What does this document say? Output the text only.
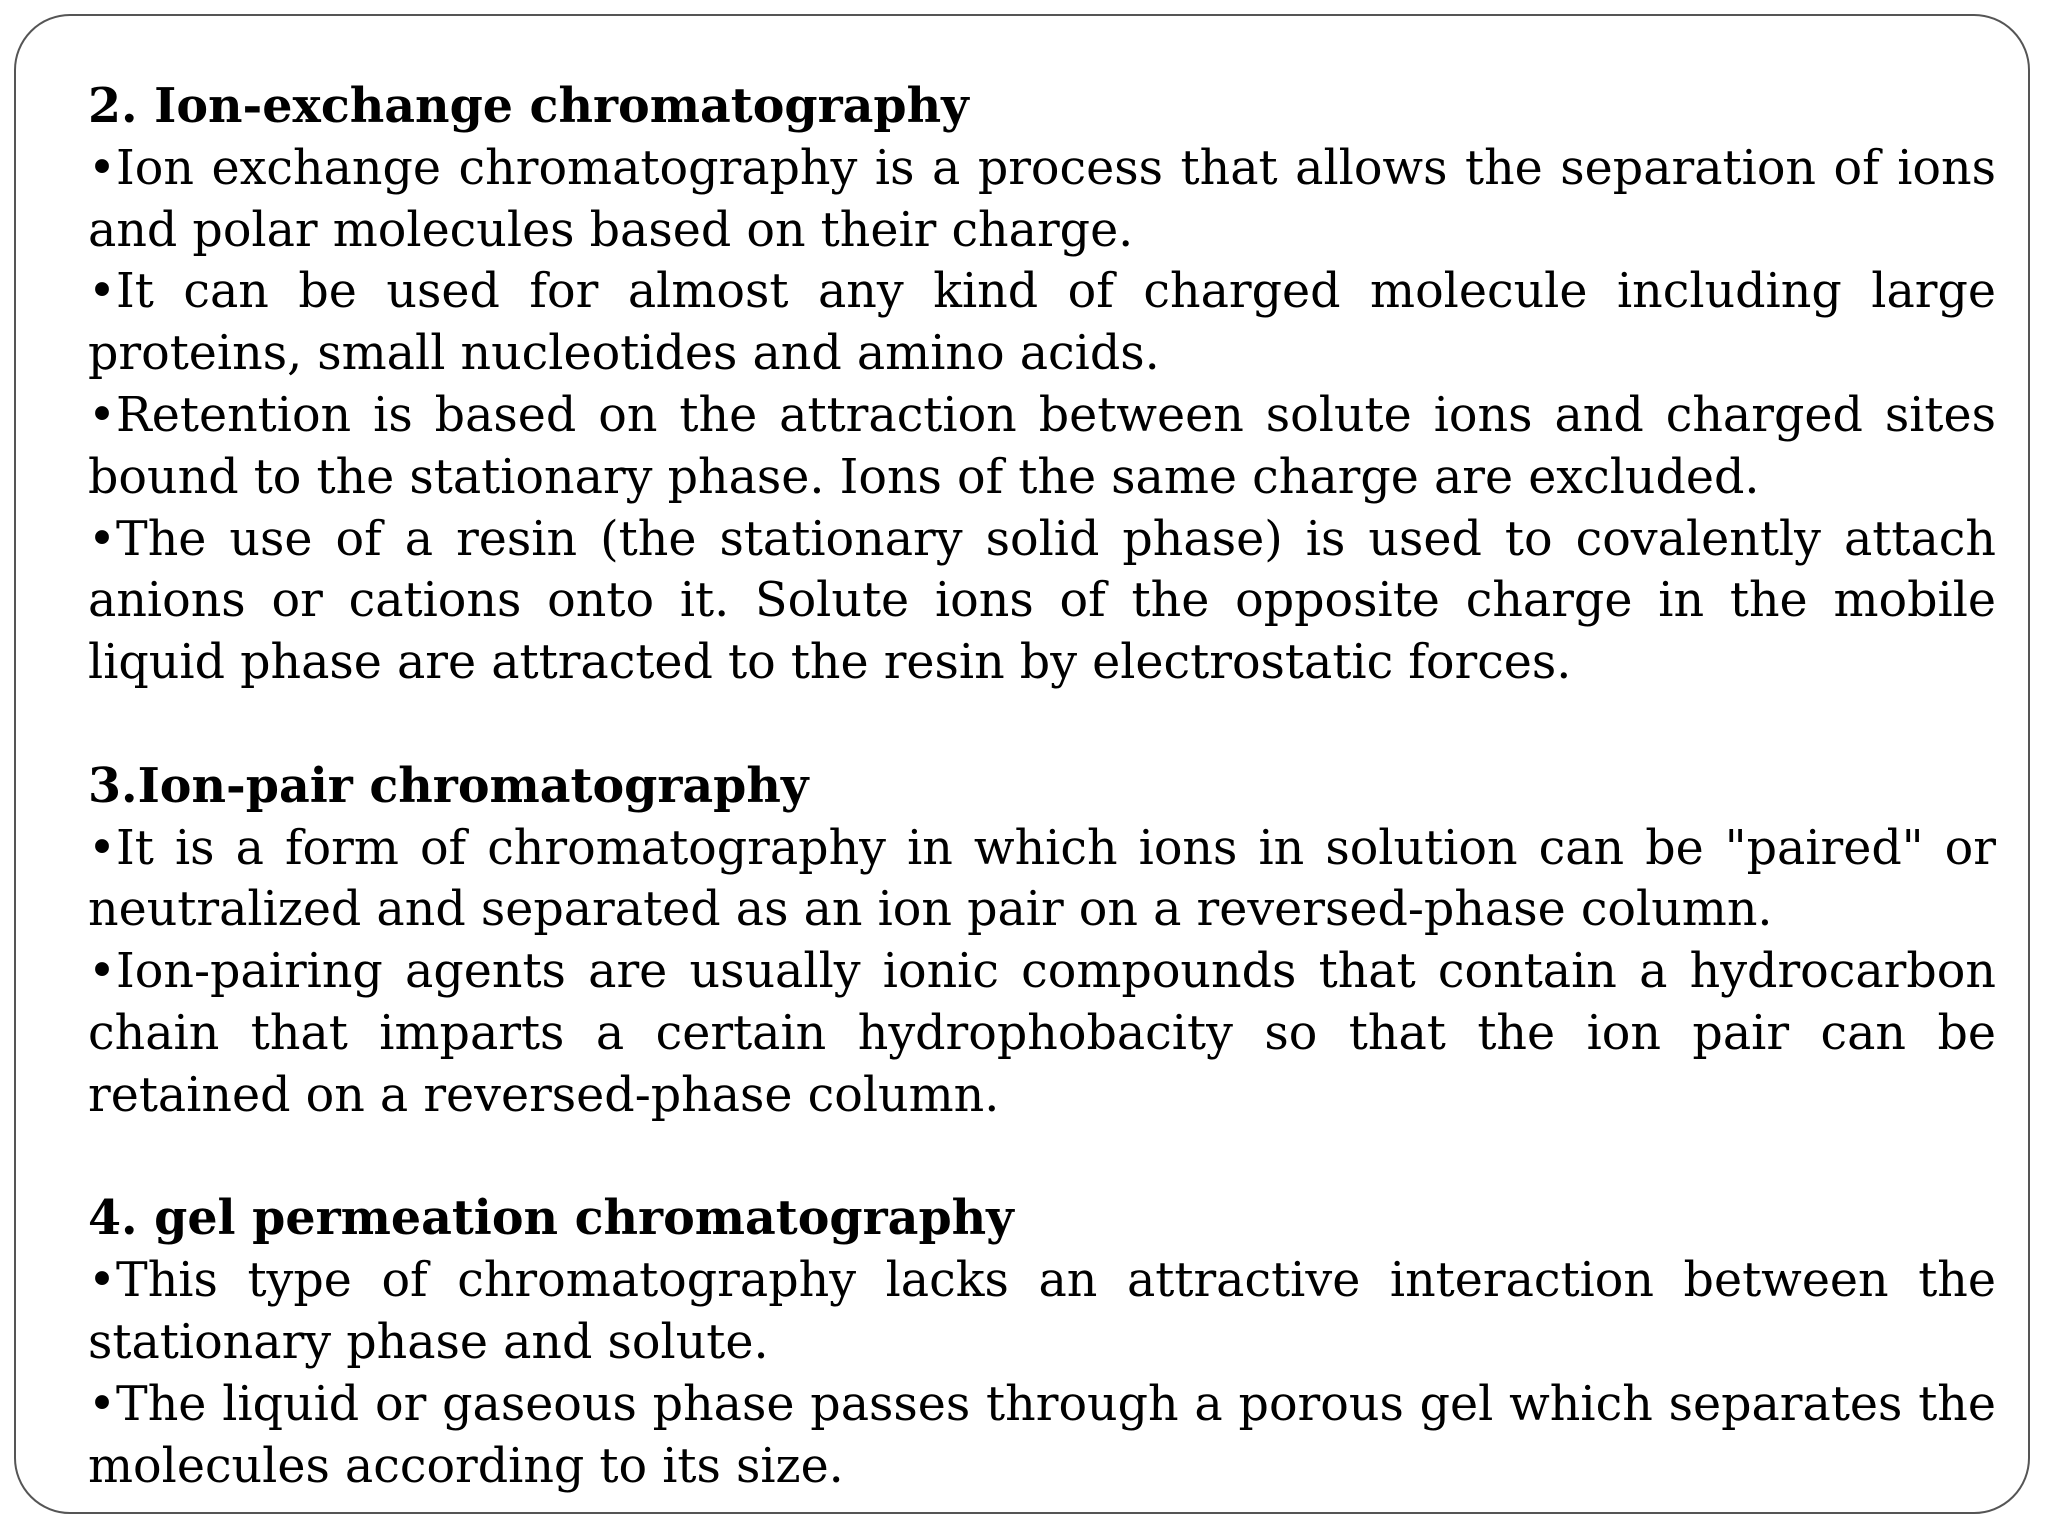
2. Ion-exchange chromatography

•Ion exchange chromatography is a process that allows the separation of ions and polar molecules based on their charge.

•It can be used for almost any kind of charged molecule including large proteins, small nucleotides and amino acids.

•Retention is based on the attraction between solute ions and charged sites bound to the stationary phase. Ions of the same charge are excluded.

•The use of a resin (the stationary solid phase) is used to covalently attach anions or cations onto it. Solute ions of the opposite charge in the mobile liquid phase are attracted to the resin by electrostatic forces.

3.Ion-pair chromatography

•It is a form of chromatography in which ions in solution can be "paired" or neutralized and separated as an ion pair on a reversed-phase column.

•Ion-pairing agents are usually ionic compounds that contain a hydrocarbon chain that imparts a certain hydrophobacity so that the ion pair can be retained on a reversed-phase column.

4. gel permeation chromatography

•This type of chromatography lacks an attractive interaction between the stationary phase and solute.

•The liquid or gaseous phase passes through a porous gel which separates the molecules according to its size.
